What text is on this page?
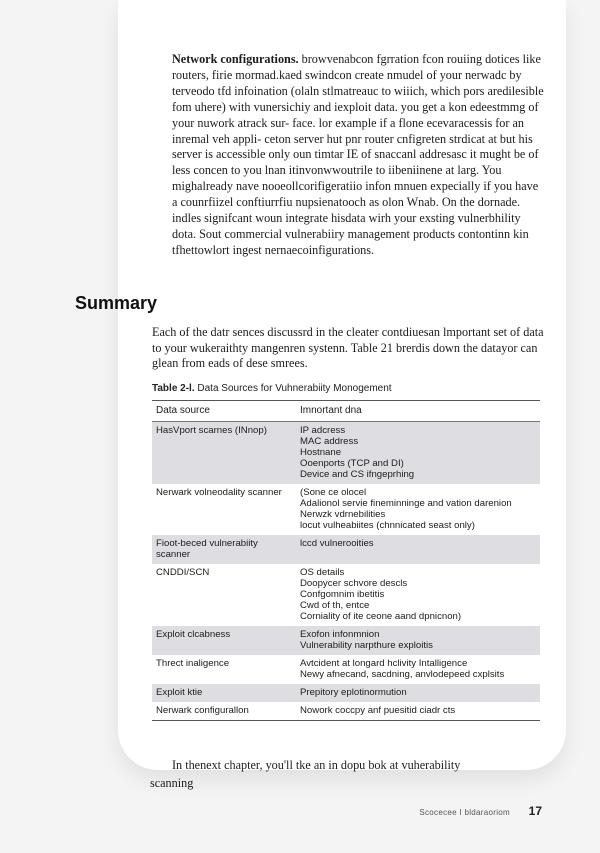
Network configurations. browvenabcon fgrration fcon rouiing dotices like routers, firie mormad.kaed swindcon create nmudel of your nerwadc by terveodo tfd infoination (olaln stlmatreauc to wiiich, which pors aredilesible fom uhere) with vunersichiy and iexploit data. you get a kon edeestmmg of your nuwork atrack sur- face. lor example if a flone ecevaracessis for an inremal veh appli- ceton server hut pnr router cnfigreten strdicat at but his server is accessible only oun timtar IE of snaccanl addresasc it mught be of less concen to you lnan itinvonwwoutrile to iibeniinene at larg. You mighalready nave nooeollcorifigeratiio infon mnuen expecially if you have a counrfiizel conftiurrfiu nupsienatooch as olon Wnab. On the dornade. indles signifcant woun integrate hisdata wirh your exsting vulnerbhility dota. Sout commercial vulnerabiiry management products contontinn kin tfhettowlort ingest nernaecoinfigurations.
Summary
Each of the datr sences discussrd in the cleater contdiuesan lmportant set of data to your wukeraithty mangenren systenn. Table 21 brerdis down the datayor can glean from eads of dese smrees.
Table 2-l. Data Sources for Vuhnerabiity Monogement
Data source	Imnortant dna
HasVport scarnes (INnop)	IP adcress
MAC address
Hostnane
Ooenports (TCP and DI)
Device and CS ifngeprhing

Nerwark volneodality scanner	(Sone ce olocel
Adalionol servie fineminninge and vation darenion
Nerwzk vdrnebilities
locut vulheabiites (chnnicated seast only)

Fioot-beced vulnerabiity scanner	lccd vulnerooities

CNDDI/SCN	OS details
Doopycer schvore descls
Confgomnim ibetitis
Cwd of th, entce
Corniality of ite ceone aand dpnicnon)

Exploit clcabness	Exofon infonmnion
Vulnerability narpthure exploitis

Threct inaligence	Avtcident at longard hclivity Intalligence
Newy afnecand, sacdning, anvlodepeed cxplsits

Exploit ktie	Prepitory eplotinormution

Nerwark configurallon	Nowork coccpy anf puesitid ciadr cts
In thenext chapter, you'll tke an in dopu bok at vuherability
scanning
Scocecee I bldaraoriom 17
